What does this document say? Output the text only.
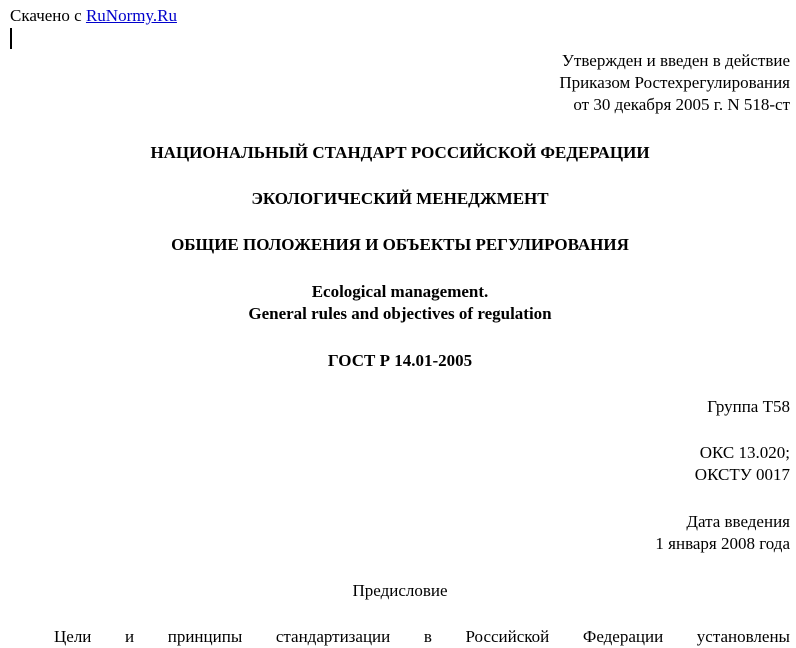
Скачено с RuNormy.Ru
Утвержден и введен в действие
Приказом Ростехрегулирования
от 30 декабря 2005 г. N 518-ст
НАЦИОНАЛЬНЫЙ СТАНДАРТ РОССИЙСКОЙ ФЕДЕРАЦИИ
ЭКОЛОГИЧЕСКИЙ МЕНЕДЖМЕНТ
ОБЩИЕ ПОЛОЖЕНИЯ И ОБЪЕКТЫ РЕГУЛИРОВАНИЯ
Ecological management.
General rules and objectives of regulation
ГОСТ Р 14.01-2005
Группа Т58
ОКС 13.020;
ОКСТУ 0017
Дата введения
1 января 2008 года
Предисловие
Цели и принципы стандартизации в Российской Федерации установлены
